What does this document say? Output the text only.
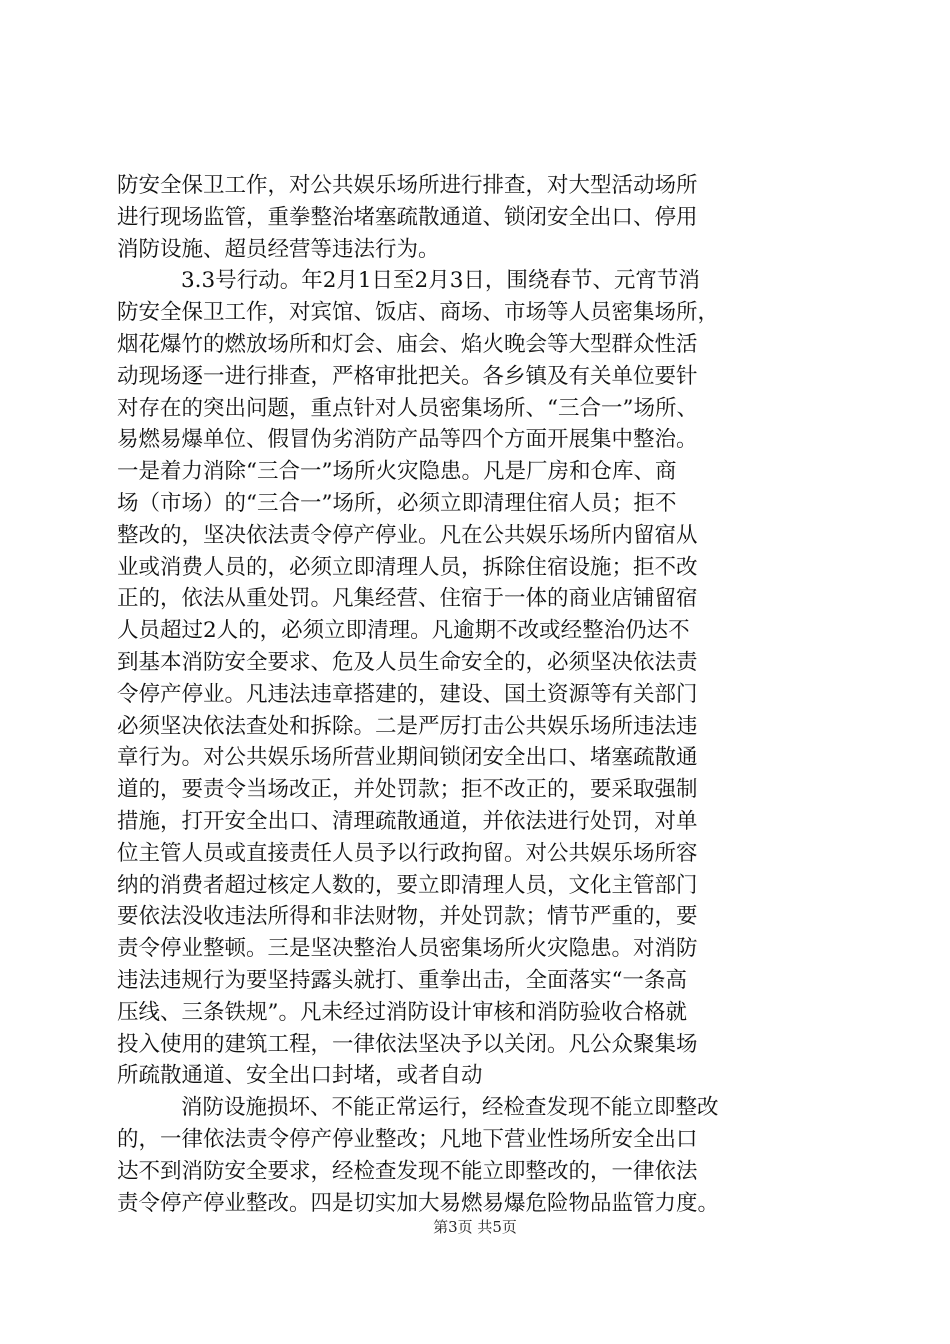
防安全保卫工作，对公共娱乐场所进行排查，对大型活动场所
进行现场监管，重拳整治堵塞疏散通道、锁闭安全出口、停用
消防设施、超员经营等违法行为。
3.3号行动。年2月1日至2月3日，围绕春节、元宵节消
防安全保卫工作，对宾馆、饭店、商场、市场等人员密集场所，
烟花爆竹的燃放场所和灯会、庙会、焰火晚会等大型群众性活
动现场逐一进行排查，严格审批把关。各乡镇及有关单位要针
对存在的突出问题，重点针对人员密集场所、“三合一”场所、
易燃易爆单位、假冒伪劣消防产品等四个方面开展集中整治。
一是着力消除“三合一”场所火灾隐患。凡是厂房和仓库、商
场（市场）的“三合一”场所，必须立即清理住宿人员；拒不
整改的，坚决依法责令停产停业。凡在公共娱乐场所内留宿从
业或消费人员的，必须立即清理人员，拆除住宿设施；拒不改
正的，依法从重处罚。凡集经营、住宿于一体的商业店铺留宿
人员超过2人的，必须立即清理。凡逾期不改或经整治仍达不
到基本消防安全要求、危及人员生命安全的，必须坚决依法责
令停产停业。凡违法违章搭建的，建设、国土资源等有关部门
必须坚决依法查处和拆除。二是严厉打击公共娱乐场所违法违
章行为。对公共娱乐场所营业期间锁闭安全出口、堵塞疏散通
道的，要责令当场改正，并处罚款；拒不改正的，要采取强制
措施，打开安全出口、清理疏散通道，并依法进行处罚，对单
位主管人员或直接责任人员予以行政拘留。对公共娱乐场所容
纳的消费者超过核定人数的，要立即清理人员，文化主管部门
要依法没收违法所得和非法财物，并处罚款；情节严重的，要
责令停业整顿。三是坚决整治人员密集场所火灾隐患。对消防
违法违规行为要坚持露头就打、重拳出击，全面落实“一条高
压线、三条铁规”。凡未经过消防设计审核和消防验收合格就
投入使用的建筑工程，一律依法坚决予以关闭。凡公众聚集场
所疏散通道、安全出口封堵，或者自动
消防设施损坏、不能正常运行，经检查发现不能立即整改
的，一律依法责令停产停业整改；凡地下营业性场所安全出口
达不到消防安全要求，经检查发现不能立即整改的，一律依法
责令停产停业整改。四是切实加大易燃易爆危险物品监管力度。
第3页 共5页
